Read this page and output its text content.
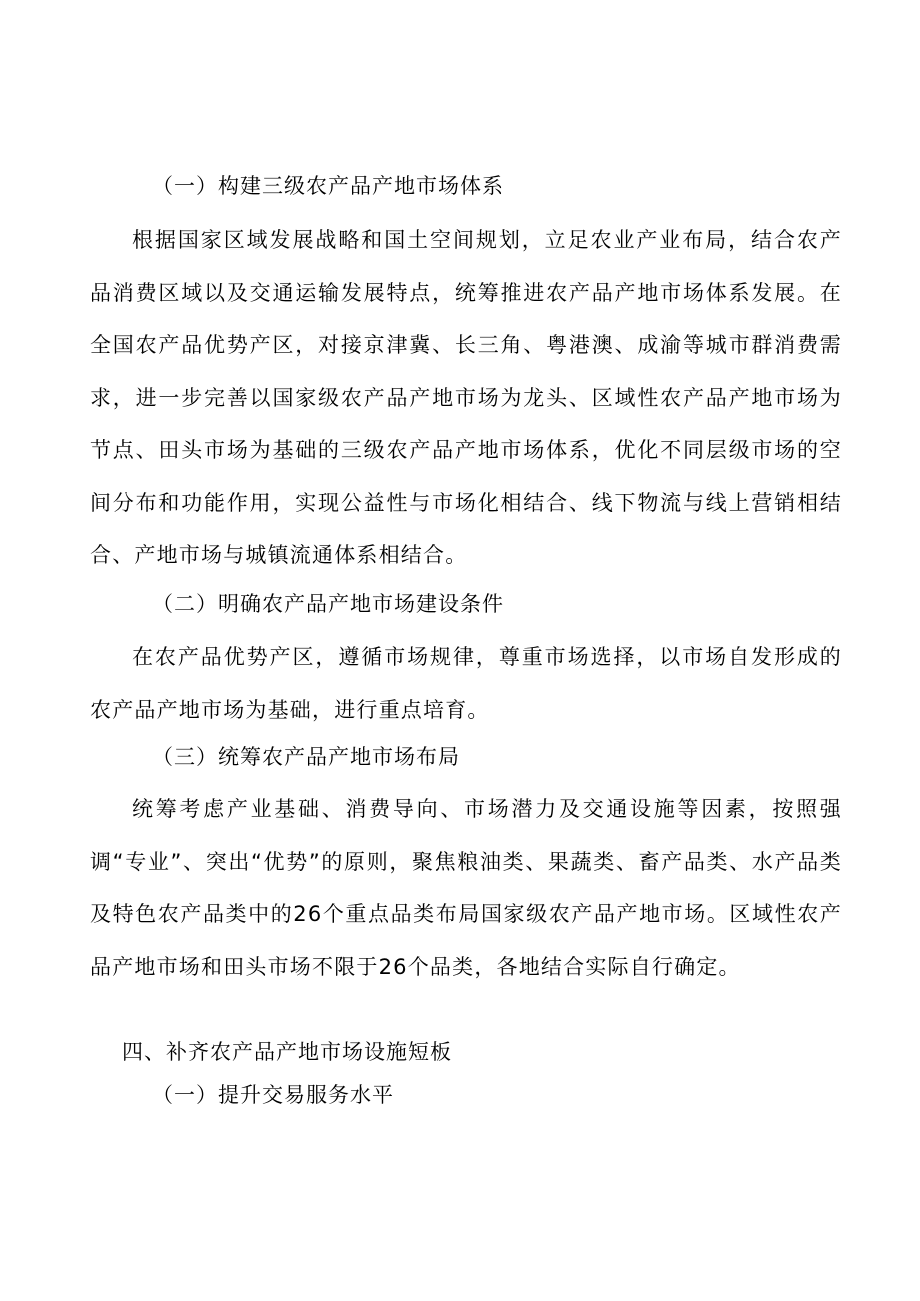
（一）构建三级农产品产地市场体系

根据国家区域发展战略和国土空间规划，立足农业产业布局，结合农产品消费区域以及交通运输发展特点，统筹推进农产品产地市场体系发展。在全国农产品优势产区，对接京津冀、长三角、粤港澳、成渝等城市群消费需求，进一步完善以国家级农产品产地市场为龙头、区域性农产品产地市场为节点、田头市场为基础的三级农产品产地市场体系，优化不同层级市场的空间分布和功能作用，实现公益性与市场化相结合、线下物流与线上营销相结合、产地市场与城镇流通体系相结合。

（二）明确农产品产地市场建设条件

在农产品优势产区，遵循市场规律，尊重市场选择，以市场自发形成的农产品产地市场为基础，进行重点培育。

（三）统筹农产品产地市场布局

统筹考虑产业基础、消费导向、市场潜力及交通设施等因素，按照强调“专业”、突出“优势”的原则，聚焦粮油类、果蔬类、畜产品类、水产品类及特色农产品类中的26个重点品类布局国家级农产品产地市场。区域性农产品产地市场和田头市场不限于26个品类，各地结合实际自行确定。

四、补齐农产品产地市场设施短板
（一）提升交易服务水平
